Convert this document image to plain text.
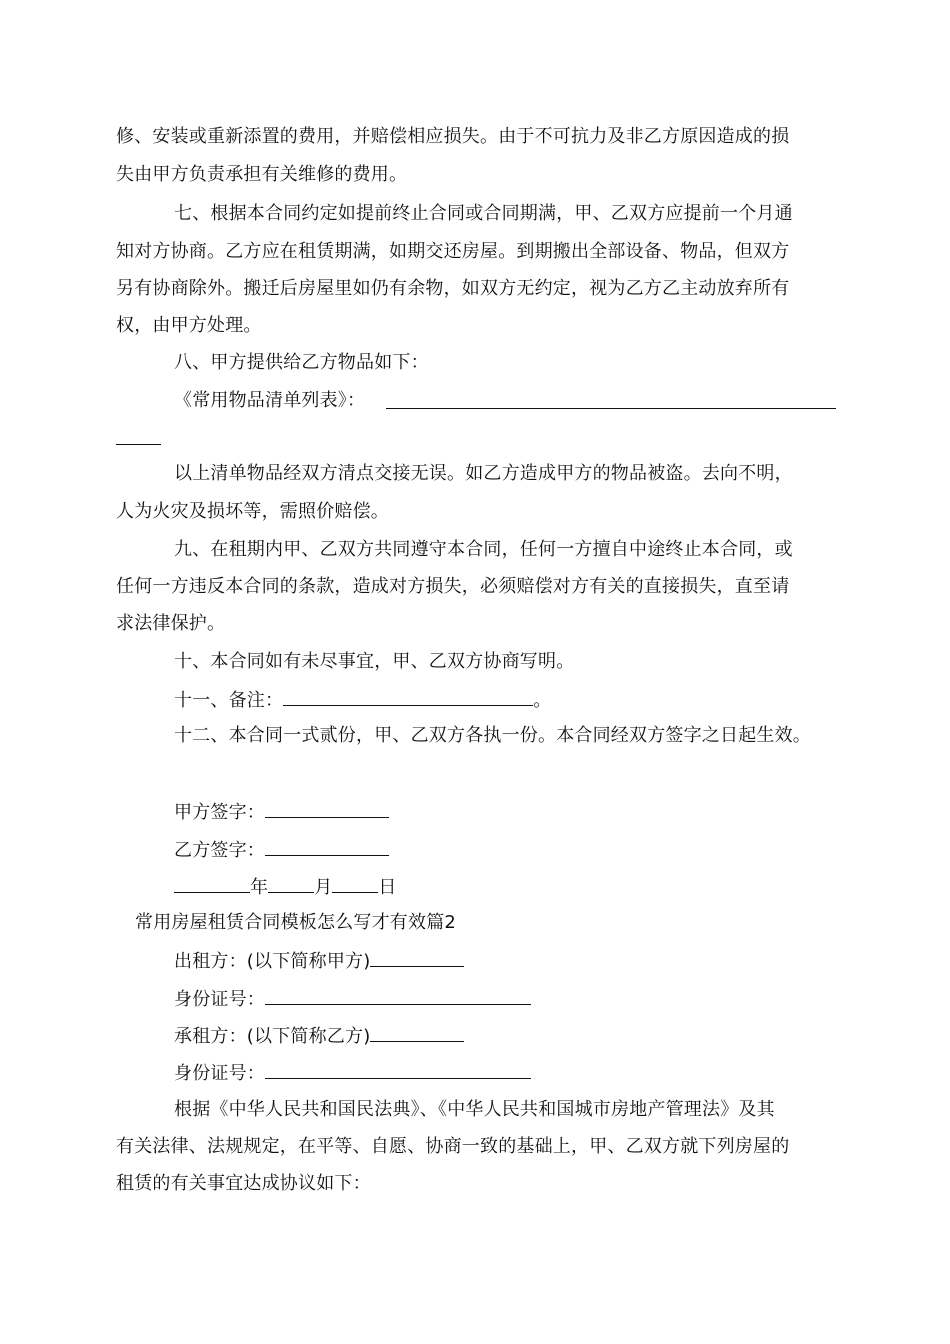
修、安装或重新添置的费用，并赔偿相应损失。由于不可抗力及非乙方原因造成的损
失由甲方负责承担有关维修的费用。
七、根据本合同约定如提前终止合同或合同期满，甲、乙双方应提前一个月通
知对方协商。乙方应在租赁期满，如期交还房屋。到期搬出全部设备、物品，但双方
另有协商除外。搬迁后房屋里如仍有余物，如双方无约定，视为乙方乙主动放弃所有
权，由甲方处理。
八、甲方提供给乙方物品如下：
《常用物品清单列表》：
以上清单物品经双方清点交接无误。如乙方造成甲方的物品被盗。去向不明，
人为火灾及损坏等，需照价赔偿。
九、在租期内甲、乙双方共同遵守本合同，任何一方擅自中途终止本合同，或
任何一方违反本合同的条款，造成对方损失，必须赔偿对方有关的直接损失，直至请
求法律保护。
十、本合同如有未尽事宜，甲、乙双方协商写明。
十一、备注：	。
十二、本合同一式贰份，甲、乙双方各执一份。本合同经双方签字之日起生效。
甲方签字：
乙方签字：
年	月	日
常用房屋租赁合同模板怎么写才有效篇2
出租方：(以下简称甲方)
身份证号：
承租方：(以下简称乙方)
身份证号：
根据《中华人民共和国民法典》、《中华人民共和国城市房地产管理法》及其
有关法律、法规规定，在平等、自愿、协商一致的基础上，甲、乙双方就下列房屋的
租赁的有关事宜达成协议如下：
